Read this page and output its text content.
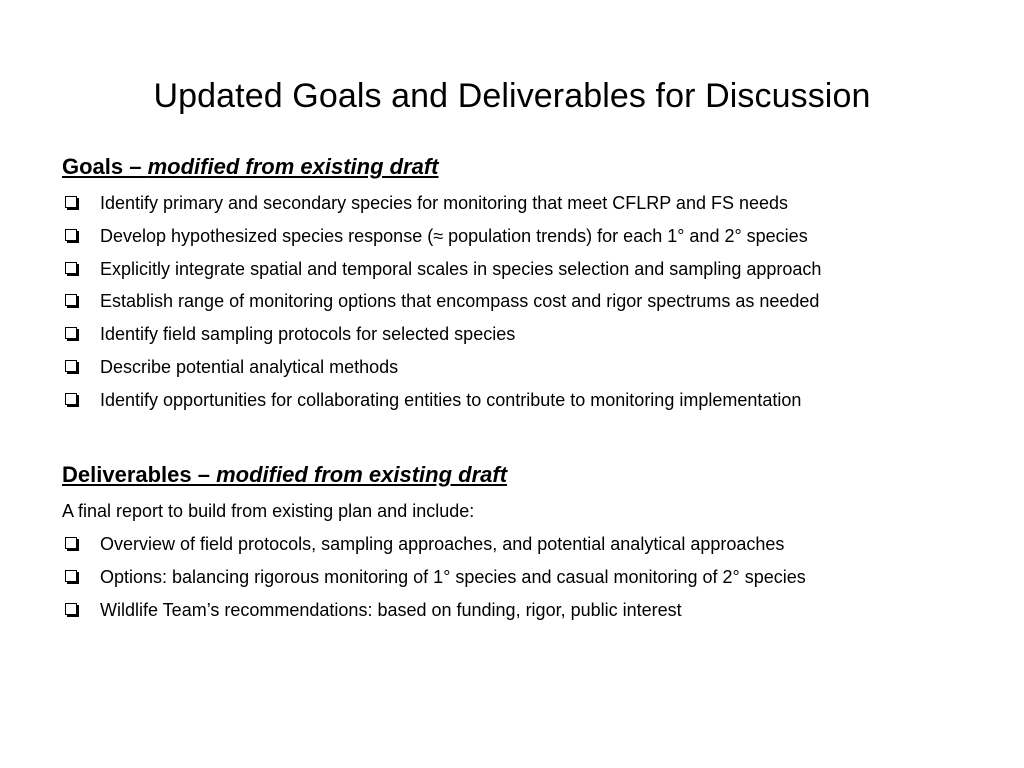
Updated Goals and Deliverables for Discussion
Goals – modified from existing draft
Identify primary and secondary species for monitoring that meet CFLRP and FS needs
Develop hypothesized species response (≈ population trends) for each 1° and 2° species
Explicitly integrate spatial and temporal scales in species selection and sampling approach
Establish range of monitoring options that encompass cost and rigor spectrums as needed
Identify field sampling protocols for selected species
Describe potential analytical methods
Identify opportunities for collaborating entities to contribute to monitoring implementation
Deliverables – modified from existing draft
A final report to build from existing plan and include:
Overview of field protocols, sampling approaches, and potential analytical approaches
Options: balancing rigorous monitoring of 1° species and casual monitoring of 2° species
Wildlife Team’s recommendations: based on funding, rigor, public interest
